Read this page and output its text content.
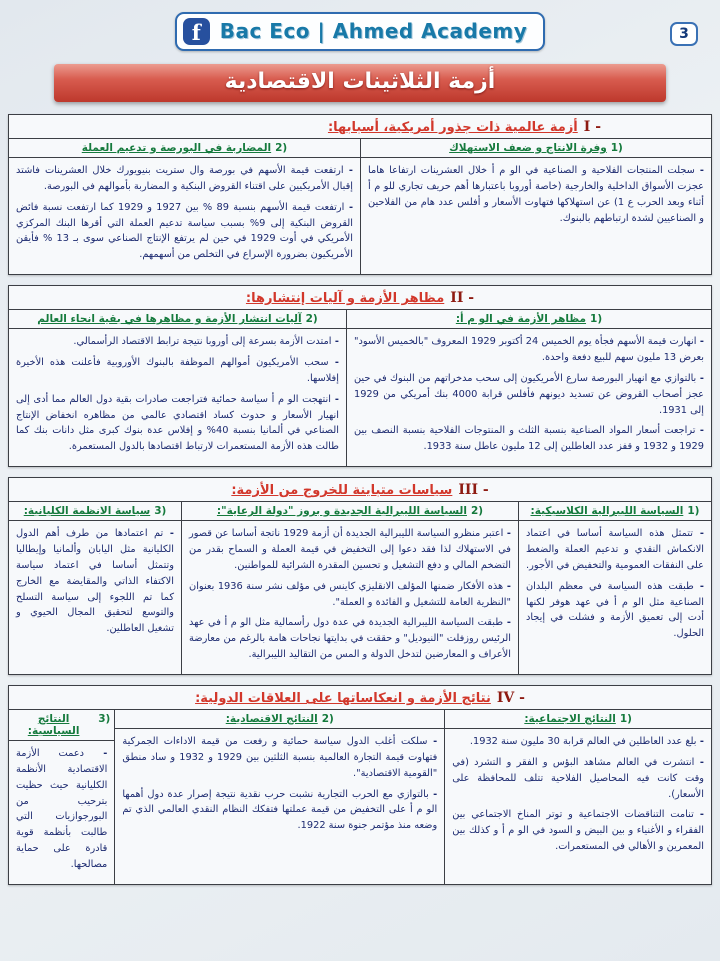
f Bac Eco | Ahmed Academy	3
أزمة الثلاثينات الاقتصادية
I -
أزمة عالمية ذات جذور أمريكية، أسبابها:
1)
وفرة الانتاج و ضعف الاستهلاك

- سجلت المنتجات الفلاحية و الصناعية في الو م أ خلال العشرينات ارتفاعا هاما عجزت الأسواق الداخلية والخارجية (خاصة أوروبا باعتبارها أهم حريف تجاري للو م أ أثناء وبعد الحرب ع 1) عن استهلاكها فتهاوت الأسعار و أفلس عدد هام من الفلاحين و الصناعيين لشدة ارتباطهم بالبنوك.

2)
المضاربة في البورصة و تدعيم العملة

- ارتفعت قيمة الأسهم في بورصة وال ستريت بنيويورك خلال العشرينات فاشتد إقبال الأمريكيين على اقتناء القروض البنكية و المضاربة بأموالهم في البورصة.

- ارتفعت قيمة الأسهم بنسبة 89 % بين 1927 و 1929 كما ارتفعت نسبة فائض القروض البنكية إلى 9% بسبب سياسة تدعيم العملة التي أقرها البنك المركزي الأمريكي في أوت 1929 في حين لم يرتفع الإنتاج الصناعي سوى بـ 13 % فأيقن الأمريكيون بضرورة الإسراع في التخلص من أسهمهم.

II -
مظاهر الأزمة و آليات إنتشارها:
1)
مظاهر الأزمة في الو م أ:

- انهارت قيمة الأسهم فجأة يوم الخميس 24 أكتوبر 1929 المعروف "بالخميس الأسود" بعرض 13 مليون سهم للبيع دفعة واحدة.

- بالتوازي مع انهيار البورصة سارع الأمريكيون إلى سحب مدخراتهم من البنوك في حين عجز أصحاب القروض عن تسديد ديونهم فأفلس قرابة 4000 بنك أمريكي من 1929 إلى 1931.

- تراجعت أسعار المواد الصناعية بنسبة الثلث و المنتوجات الفلاحية بنسبة النصف بين 1929 و 1932 و قفز عدد العاطلين إلى 12 مليون عاطل سنة 1933.

2)
آليات انتشار الأزمة و مظاهرها في بقية انحاء العالم

- امتدت الأزمة بسرعة إلى أوروبا نتيجة ترابط الاقتصاد الرأسمالي.

- سحب الأمريكيون أموالهم الموظفة بالبنوك الأوروبية فأعلنت هذه الأخيرة إفلاسها.

- انتهجت الو م أ سياسة حمائية فتراجعت صادرات بقية دول العالم مما أدى إلى انهيار الأسعار و حدوث كساد اقتصادي عالمي من مظاهره انخفاض الإنتاج الصناعي في ألمانيا بنسبة 40% و إفلاس عدة بنوك كبرى مثل دانات بنك كما طالت هذه الأزمة المستعمرات لارتباط اقتصادها بالدول المستعمرة.

III -
سياسات متباينة للخروج من الأزمة:
1)
السياسة الليبرالية الكلاسيكية:

- تتمثل هذه السياسة أساسا في اعتماد الانكماش النقدي و تدعيم العملة والضغط على النفقات العمومية والتخفيض في الأجور.

- طبقت هذه السياسة في معظم البلدان الصناعية مثل الو م أ في عهد هوفر لكنها أدت إلى تعميق الأزمة و فشلت في إيجاد الحلول.

2)
السياسة الليبرالية الجديدة و بروز "دولة الرعاية":

- اعتبر منظرو السياسة الليبرالية الجديدة أن أزمة 1929 ناتجة أساسا عن قصور في الاستهلاك لذا فقد دعوا إلى التخفيض في قيمة العملة و السماح بقدر من التضخم المالي و دفع التشغيل و تحسين المقدرة الشرائية للمواطنين.

- هذه الأفكار ضمنها المؤلف الانقليزي كاينس في مؤلف نشر سنة 1936 بعنوان "النظرية العامة للتشغيل و الفائدة و العملة".

- طبقت السياسة الليبرالية الجديدة في عدة دول رأسمالية مثل الو م أ في عهد الرئيس روزفلت "النيوديل" و حققت في بدايتها نجاحات هامة بالرغم من معارضة الأعراف و المعارضين لتدخل الدولة و المس من التقاليد الليبرالية.

3)
سياسة الانظمة الكليانية:

- تم اعتمادها من طرف أهم الدول الكليانية مثل اليابان وألمانيا وإيطاليا وتتمثل أساسا في اعتماد سياسة الاكتفاء الذاتي والمقايضة مع الخارج كما تم اللجوء إلى سياسة التسلح والتوسع لتحقيق المجال الحيوي و تشغيل العاطلين.

IV -
نتائج الأزمة و انعكاساتها على العلاقات الدولية:
1)
النتائج الاجتماعية:

- بلغ عدد العاطلين في العالم قرابة 30 مليون سنة 1932.

- انتشرت في العالم مشاهد البؤس و الفقر و التشرد (في وقت كانت فيه المحاصيل الفلاحية تتلف للمحافظة على الأسعار).

- تنامت التناقضات الاجتماعية و توتر المناخ الاجتماعي بين الفقراء و الأغنياء و بين البيض و السود في الو م أ و كذلك بين المعمرين و الأهالي في المستعمرات.

2)
النتائج الاقتصادية:

- سلكت أغلب الدول سياسة حمائية و رفعت من قيمة الاداءات الجمركية فتهاوت قيمة التجارة العالمية بنسبة الثلثين بين 1929 و 1932 و ساد منطق "القومية الاقتصادية".

- بالتوازي مع الحرب التجارية نشبت حرب نقدية نتيجة إصرار عدة دول أهمها الو م أ على التخفيض من قيمة عملتها فتفكك النظام النقدي العالمي الذي تم وضعه منذ مؤتمر جنوة سنة 1922.

3)
النتائج السياسية:

- دعمت الأزمة الاقتصادية الأنظمة الكليانية حيث حظيت بترحيب من البورجوازيات التي طالبت بأنظمة قوية قادرة على حماية مصالحها.
